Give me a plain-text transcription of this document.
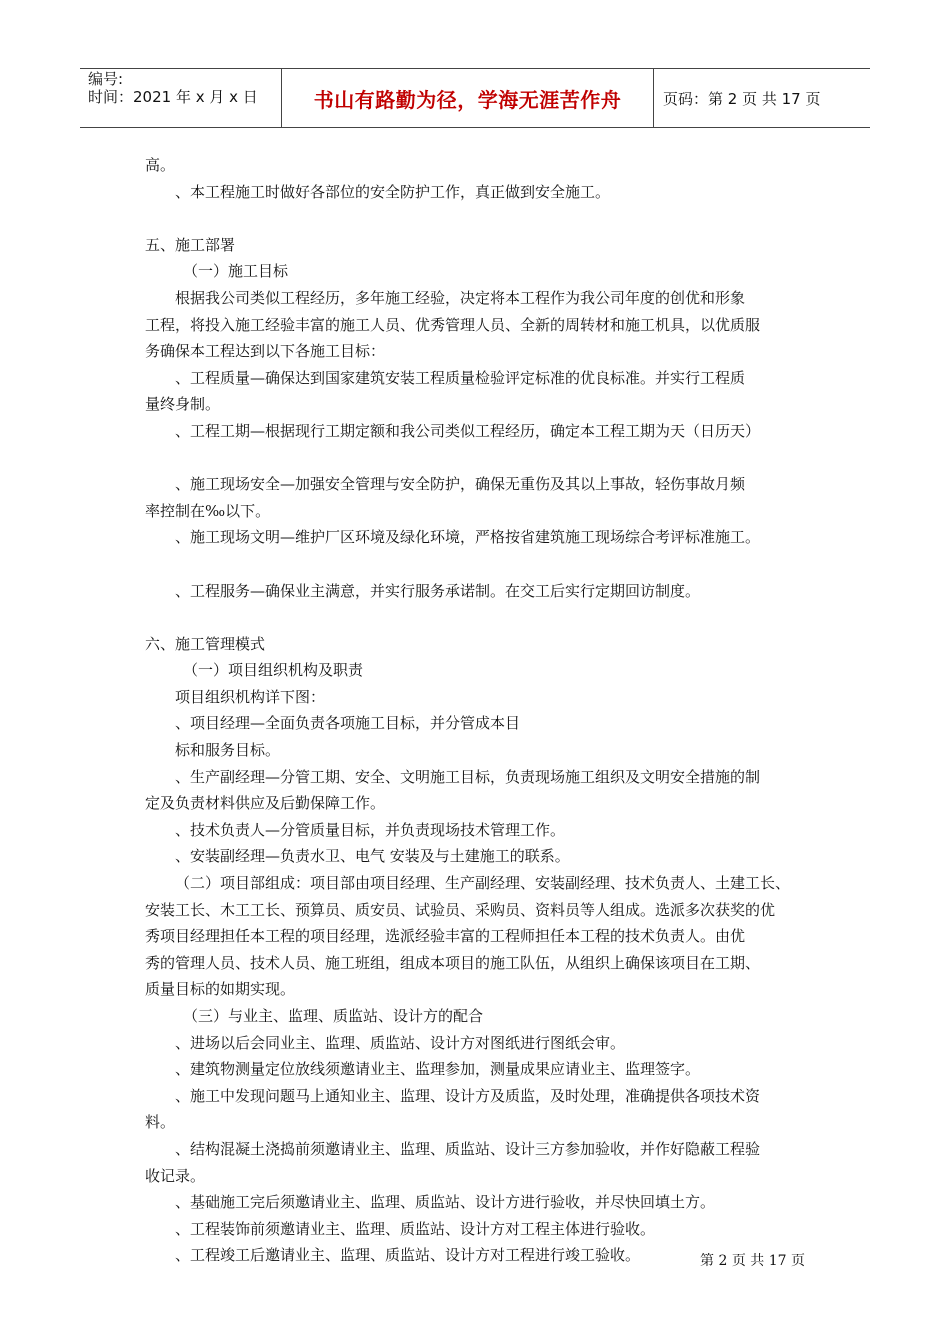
编号:
时间：2021 年 x 月 x 日	书山有路勤为径，学海无涯苦作舟	页码：第 2 页 共 17 页
高。
、本工程施工时做好各部位的安全防护工作，真正做到安全施工。
五、施工部署
（一）施工目标
根据我公司类似工程经历，多年施工经验，决定将本工程作为我公司年度的创优和形象
工程，将投入施工经验丰富的施工人员、优秀管理人员、全新的周转材和施工机具，以优质服
务确保本工程达到以下各施工目标：
、工程质量—确保达到国家建筑安装工程质量检验评定标准的优良标准。并实行工程质
量终身制。
、工程工期—根据现行工期定额和我公司类似工程经历，确定本工程工期为天（日历天）
、施工现场安全—加强安全管理与安全防护，确保无重伤及其以上事故，轻伤事故月频
率控制在‰以下。
、施工现场文明—维护厂区环境及绿化环境，严格按省建筑施工现场综合考评标准施工。
、工程服务—确保业主满意，并实行服务承诺制。在交工后实行定期回访制度。
六、施工管理模式
（一）项目组织机构及职责
项目组织机构详下图：
、项目经理—全面负责各项施工目标，并分管成本目
标和服务目标。
、生产副经理—分管工期、安全、文明施工目标，负责现场施工组织及文明安全措施的制
定及负责材料供应及后勤保障工作。
、技术负责人—分管质量目标，并负责现场技术管理工作。
、安装副经理—负责水卫、电气 安装及与土建施工的联系。
（二）项目部组成：项目部由项目经理、生产副经理、安装副经理、技术负责人、土建工长、
安装工长、木工工长、预算员、质安员、试验员、采购员、资料员等人组成。选派多次获奖的优
秀项目经理担任本工程的项目经理，选派经验丰富的工程师担任本工程的技术负责人。由优
秀的管理人员、技术人员、施工班组，组成本项目的施工队伍，从组织上确保该项目在工期、
质量目标的如期实现。
（三）与业主、监理、质监站、设计方的配合
、进场以后会同业主、监理、质监站、设计方对图纸进行图纸会审。
、建筑物测量定位放线须邀请业主、监理参加，测量成果应请业主、监理签字。
、施工中发现问题马上通知业主、监理、设计方及质监，及时处理，准确提供各项技术资
料。
、结构混凝土浇捣前须邀请业主、监理、质监站、设计三方参加验收，并作好隐蔽工程验
收记录。
、基础施工完后须邀请业主、监理、质监站、设计方进行验收，并尽快回填土方。
、工程装饰前须邀请业主、监理、质监站、设计方对工程主体进行验收。
、工程竣工后邀请业主、监理、质监站、设计方对工程进行竣工验收。	第 2 页 共 17 页
